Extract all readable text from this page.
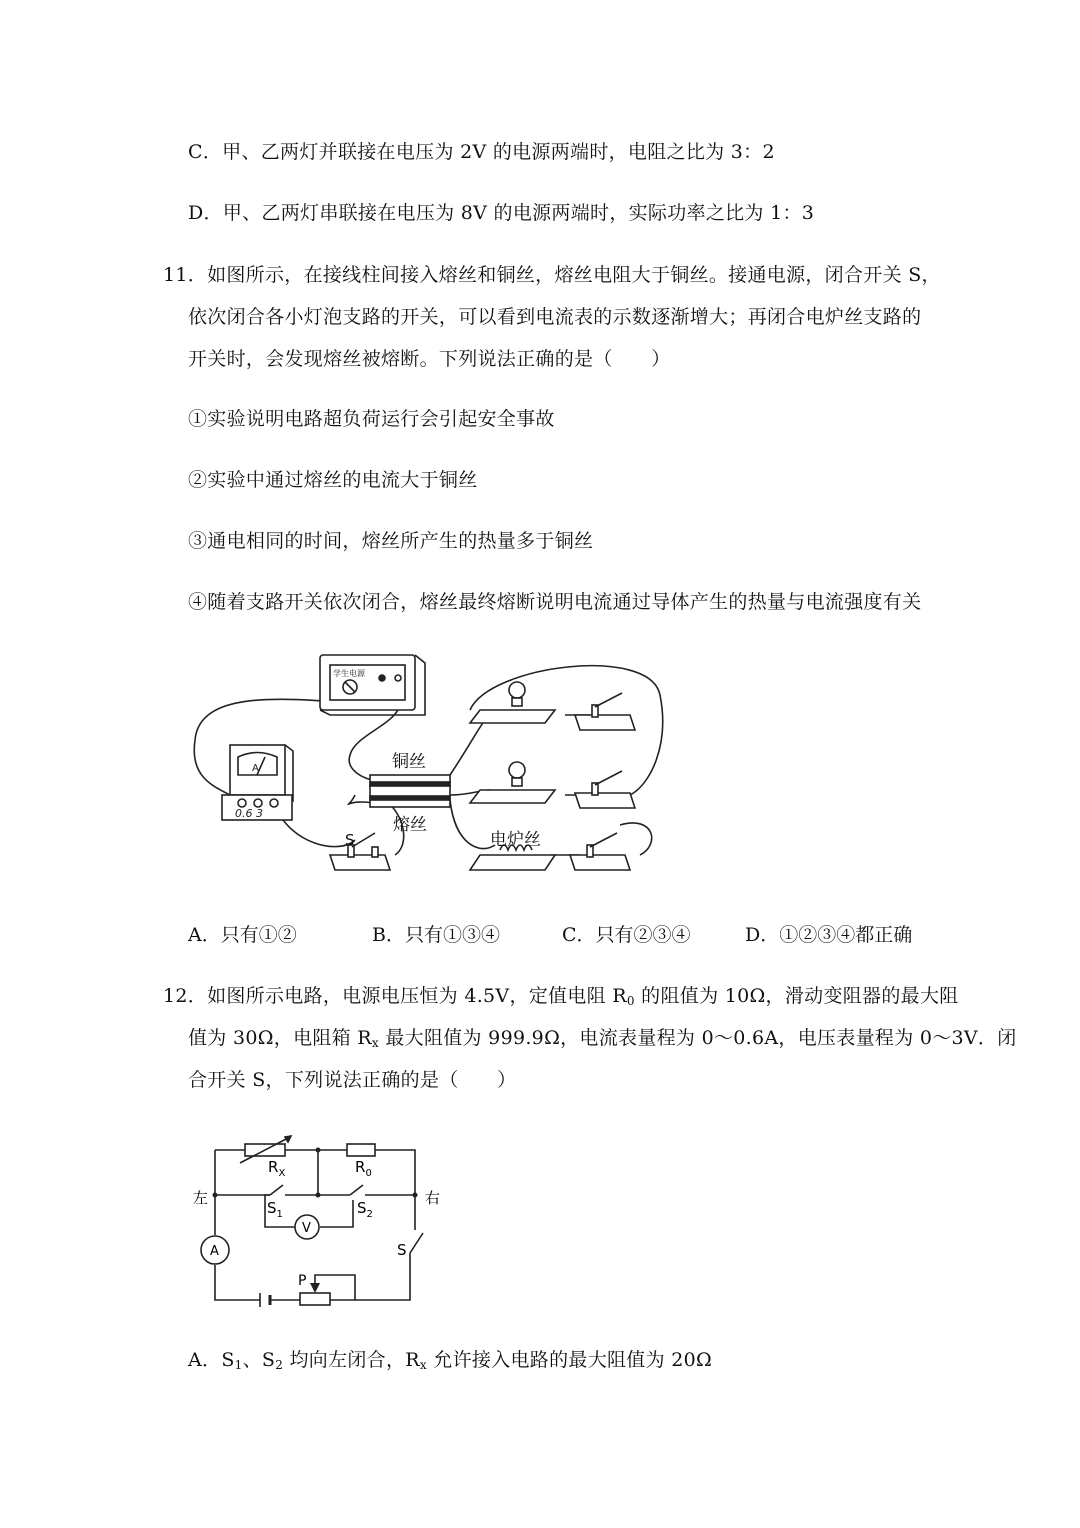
C．甲、乙两灯并联接在电压为 2V 的电源两端时，电阻之比为 3：2
D．甲、乙两灯串联接在电压为 8V 的电源两端时，实际功率之比为 1：3
11．如图所示，在接线柱间接入熔丝和铜丝，熔丝电阻大于铜丝。接通电源，闭合开关 S，
依次闭合各小灯泡支路的开关，可以看到电流表的示数逐渐增大；再闭合电炉丝支路的
开关时，会发现熔丝被熔断。下列说法正确的是（　　）
①实验说明电路超负荷运行会引起安全事故
②实验中通过熔丝的电流大于铜丝
③通电相同的时间，熔丝所产生的热量多于铜丝
④随着支路开关依次闭合，熔丝最终熔断说明电流通过导体产生的热量与电流强度有关
学生电源
A
0.6 3
铜丝
熔丝
S	电炉丝
A．只有①②	B．只有①③④	C．只有②③④	D．①②③④都正确
12．如图所示电路，电源电压恒为 4.5V，定值电阻 $R_0$ 的阻值为 10Ω，滑动变阻器的最大阻
值为 30Ω，电阻箱 $R_x$ 最大阻值为 999.9Ω，电流表量程为 0～0.6A，电压表量程为 0～3V．闭
合开关 S，下列说法正确的是（　　）
$R_X$	$R_0$
左	右
$S_1$	$S_2$
S
V
A
P
A．$S_1$、$S_2$ 均向左闭合，$R_x$ 允许接入电路的最大阻值为 20Ω
